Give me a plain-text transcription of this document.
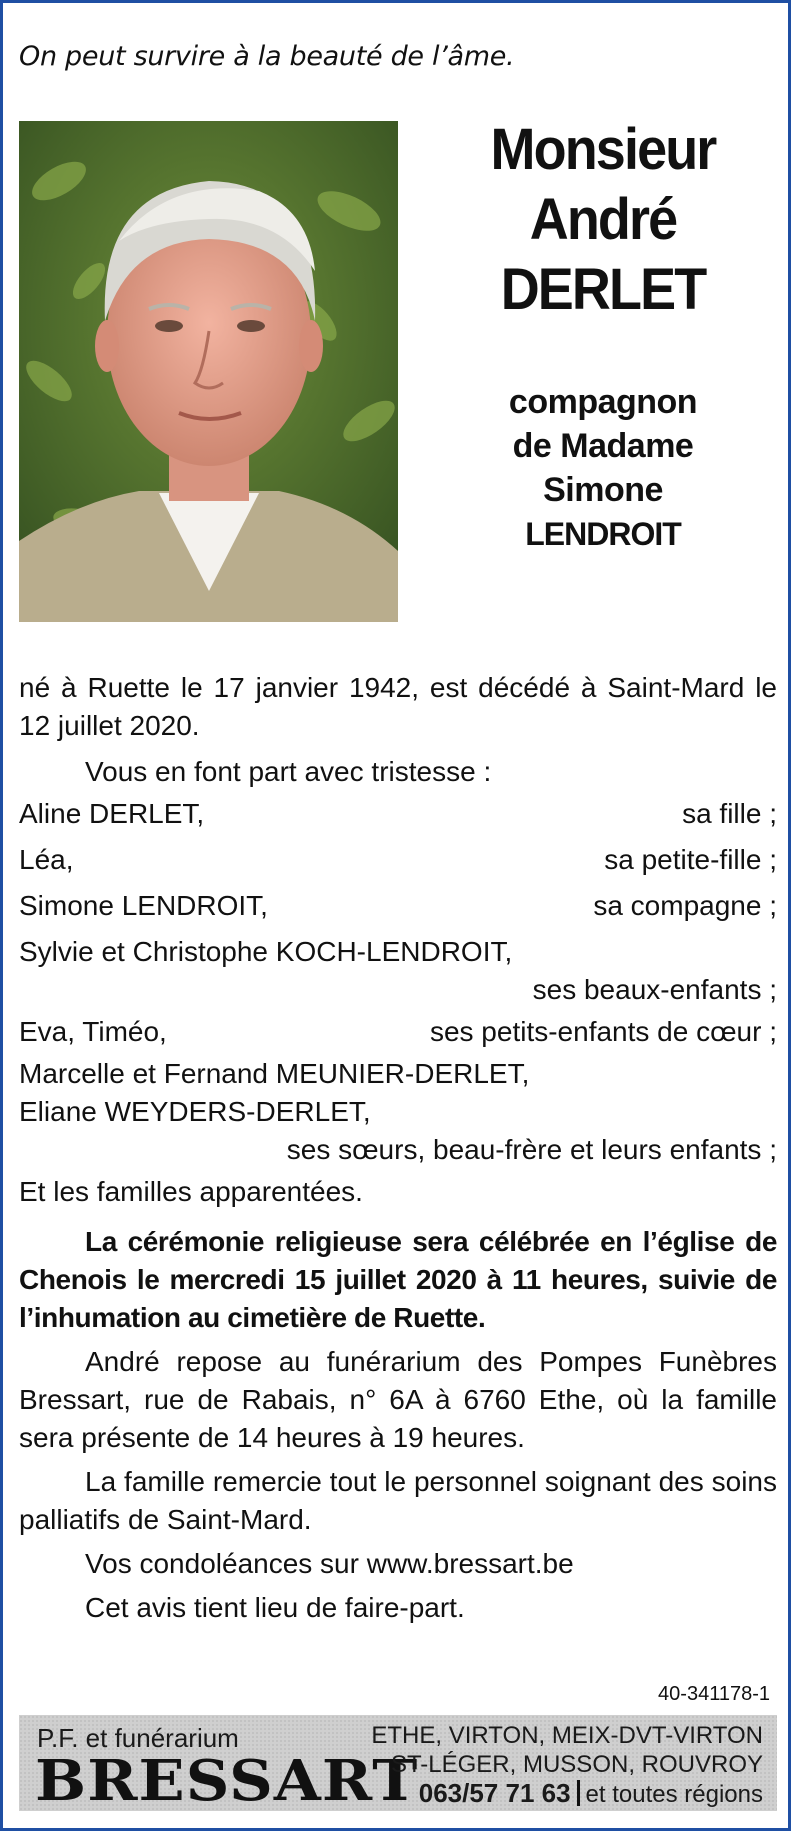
On peut survire à la beauté de l’âme.
Monsieur
André
DERLET
compagnon
de Madame
Simone
LENDROIT

né à Ruette le 17 janvier 1942, est décédé à Saint-Mard le 12 juillet 2020.

Vous en font part avec tristesse :

Aline DERLET,	sa fille ;
Léa,	sa petite-fille ;
Simone LENDROIT,	sa compagne ;

Sylvie et Christophe KOCH-LENDROIT,

ses beaux-enfants ;

Eva, Timéo,	ses petits-enfants de cœur ;

Marcelle et Fernand MEUNIER-DERLET,

Eliane WEYDERS-DERLET,

ses sœurs, beau-frère et leurs enfants ;

Et les familles apparentées.

La cérémonie religieuse sera célébrée en l’église de Chenois le mercredi 15 juillet 2020 à 11 heures, suivie de l’inhumation au cimetière de Ruette.

André repose au funérarium des Pompes Funèbres Bressart, rue de Rabais, n° 6A à 6760 Ethe, où la famille sera présente de 14 heures à 19 heures.

La famille remercie tout le personnel soignant des soins palliatifs de Saint-Mard.

Vos condoléances sur www.bressart.be

Cet avis tient lieu de faire-part.

40-341178-1
P.F. et funérarium
BRESSART
ETHE, VIRTON, MEIX-DVT-VIRTON
ST-LÉGER, MUSSON, ROUVROY
063/57 71 63 et toutes régions
